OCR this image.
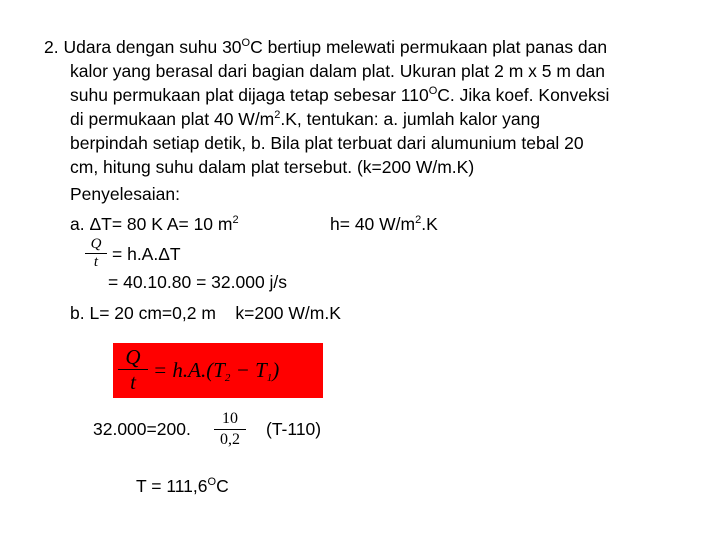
2. Udara dengan suhu $30^OC$ bertiup melewati permukaan plat panas dan
kalor yang berasal dari bagian dalam plat. Ukuran plat 2 m x 5 m dan
suhu permukaan plat dijaga tetap sebesar $110^OC$. Jika koef. Konveksi
di permukaan plat 40 $W/m^2.K$, tentukan: a. jumlah kalor yang
berpindah setiap detik, b. Bila plat terbuat dari alumunium tebal 20
cm, hitung suhu dalam plat tersebut. (k=200 W/m.K)
Penyelesaian:
a. ΔT= 80 K A= 10 $m^2$	h= 40 $W/m^2.K$
Q
t = h.A.ΔT
= 40.10.80 = 32.000 j/s
b. L= 20 cm=0,2 m    k=200 W/m.K
Q
$t = h.A.(T_2 - T_1)$
32.000=200.
10
0,2
(T-110)
$T = 111,6^OC$
